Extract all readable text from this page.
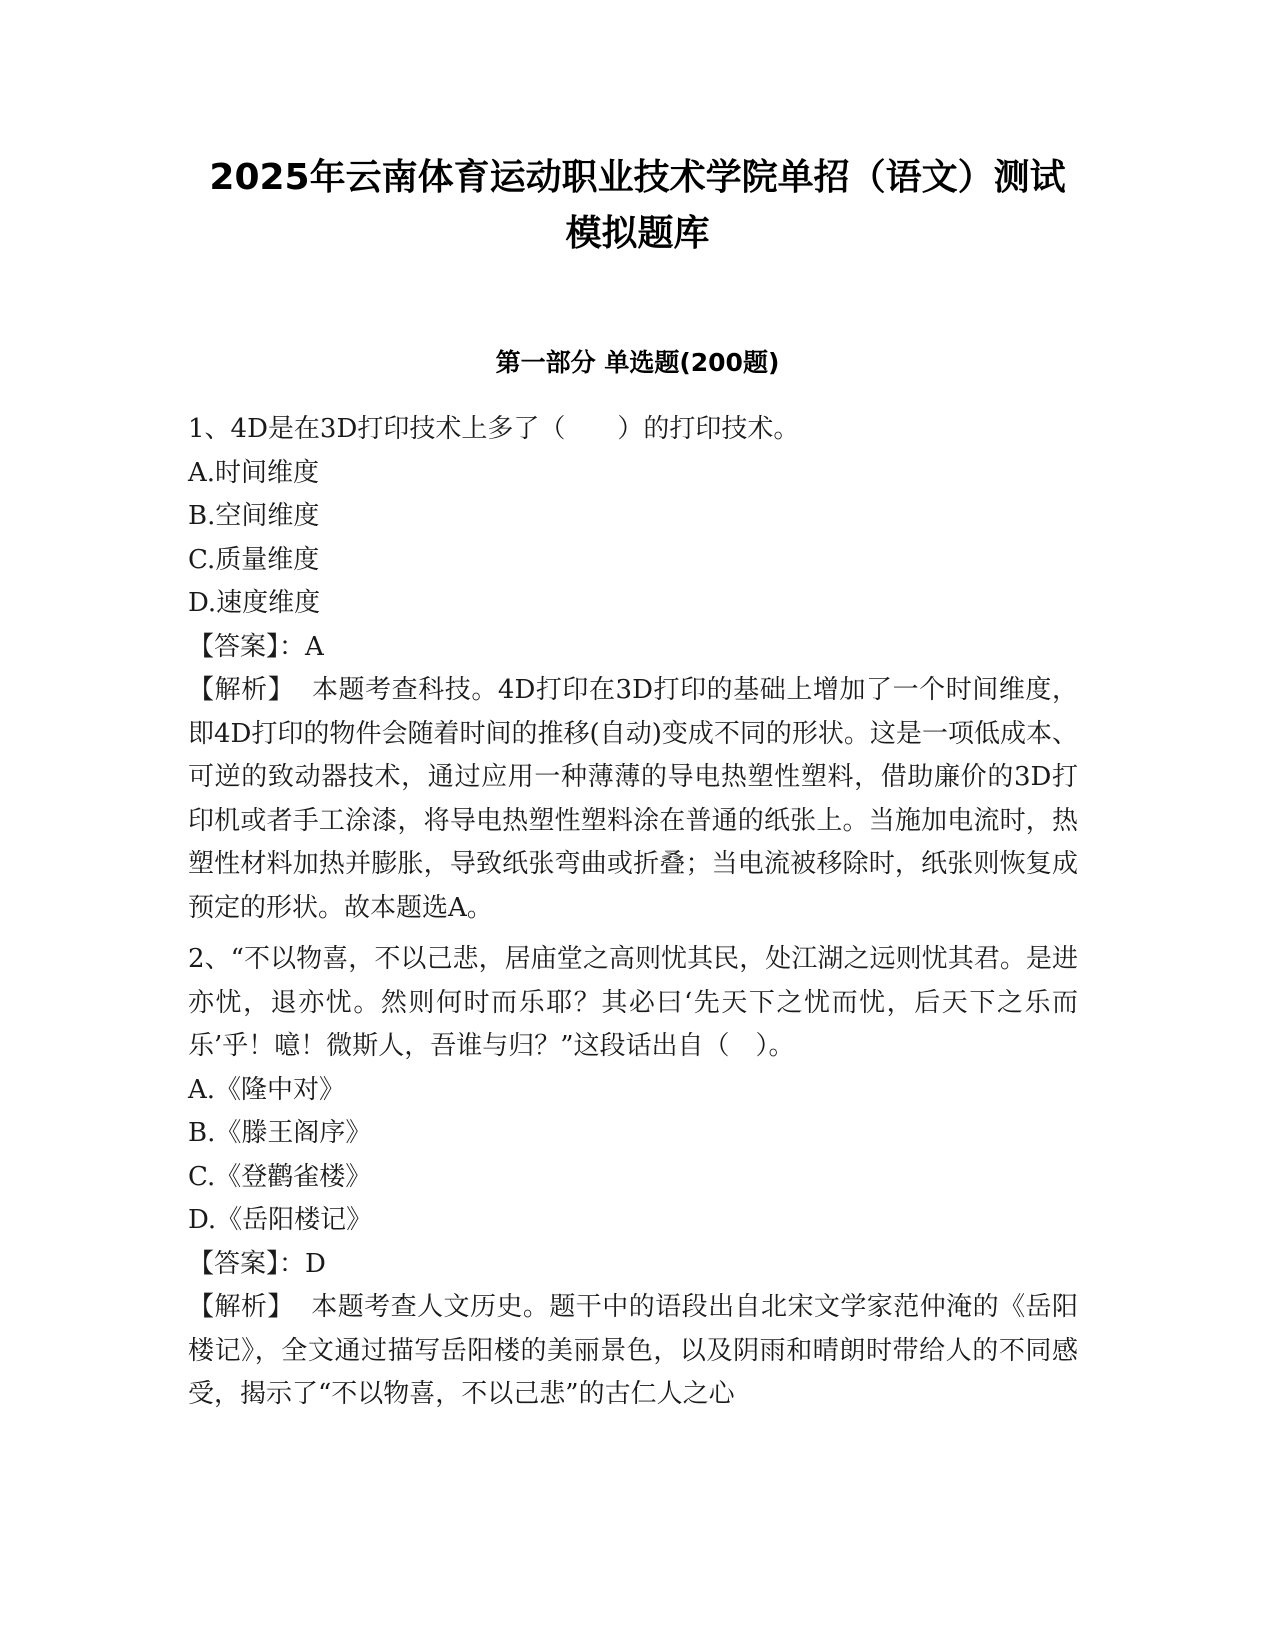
2025年云南体育运动职业技术学院单招（语文）测试
模拟题库
第一部分 单选题(200题)
1、4D是在3D打印技术上多了（　　）的打印技术。
A.时间维度
B.空间维度
C.质量维度
D.速度维度
【答案】：A
【解析】  本题考查科技。4D打印在3D打印的基础上增加了一个时间维度，即4D打印的物件会随着时间的推移(自动)变成不同的形状。这是一项低成本、可逆的致动器技术，通过应用一种薄薄的导电热塑性塑料，借助廉价的3D打印机或者手工涂漆，将导电热塑性塑料涂在普通的纸张上。当施加电流时，热塑性材料加热并膨胀，导致纸张弯曲或折叠；当电流被移除时，纸张则恢复成预定的形状。故本题选A。
2、“不以物喜，不以己悲，居庙堂之高则忧其民，处江湖之远则忧其君。是进亦忧，退亦忧。然则何时而乐耶？其必曰‘先天下之忧而忧，后天下之乐而乐’乎！噫！微斯人，吾谁与归？”这段话出自（　）。
A.《隆中对》
B.《滕王阁序》
C.《登鹳雀楼》
D.《岳阳楼记》
【答案】：D
【解析】  本题考查人文历史。题干中的语段出自北宋文学家范仲淹的《岳阳楼记》，全文通过描写岳阳楼的美丽景色，以及阴雨和晴朗时带给人的不同感受，揭示了“不以物喜，不以己悲”的古仁人之心
